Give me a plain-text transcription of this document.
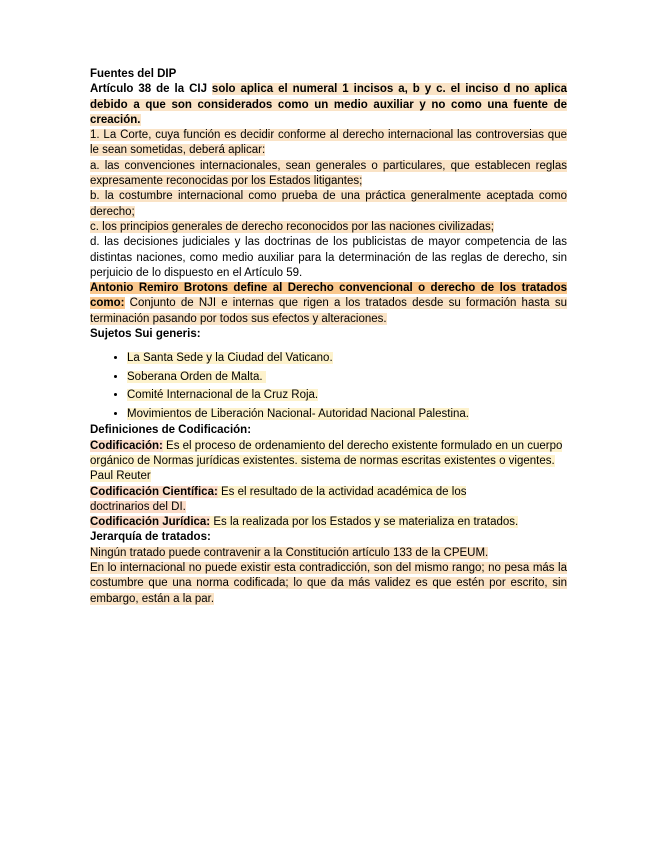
Fuentes del DIP

Artículo 38 de la CIJ solo aplica el numeral 1 incisos a, b y c. el inciso d no aplica debido a que son considerados como un medio auxiliar y no como una fuente de creación.

1. La Corte, cuya función es decidir conforme al derecho internacional las controversias que le sean sometidas, deberá aplicar:

a. las convenciones internacionales, sean generales o particulares, que establecen reglas expresamente reconocidas por los Estados litigantes;

b. la costumbre internacional como prueba de una práctica generalmente aceptada como derecho;

c. los principios generales de derecho reconocidos por las naciones civilizadas;

d. las decisiones judiciales y las doctrinas de los publicistas de mayor competencia de las distintas naciones, como medio auxiliar para la determinación de las reglas de derecho, sin perjuicio de lo dispuesto en el Artículo 59.

Antonio Remiro Brotons define al Derecho convencional o derecho de los tratados como: Conjunto de NJI e internas que rigen a los tratados desde su formación hasta su terminación pasando por todos sus efectos y alteraciones.

Sujetos Sui generis:

• La Santa Sede y la Ciudad del Vaticano.
• Soberana Orden de Malta.
• Comité Internacional de la Cruz Roja.
• Movimientos de Liberación Nacional- Autoridad Nacional Palestina.

Definiciones de Codificación:

Codificación: Es el proceso de ordenamiento del derecho existente formulado en un cuerpo orgánico de Normas jurídicas existentes. sistema de normas escritas existentes o vigentes. Paul Reuter

Codificación Científica: Es el resultado de la actividad académica de los
doctrinarios del DI.

Codificación Jurídica: Es la realizada por los Estados y se materializa en tratados.

Jerarquía de tratados:

Ningún tratado puede contravenir a la Constitución artículo 133 de la CPEUM.

En lo internacional no puede existir esta contradicción, son del mismo rango; no pesa más la costumbre que una norma codificada; lo que da más validez es que estén por escrito, sin embargo, están a la par.
